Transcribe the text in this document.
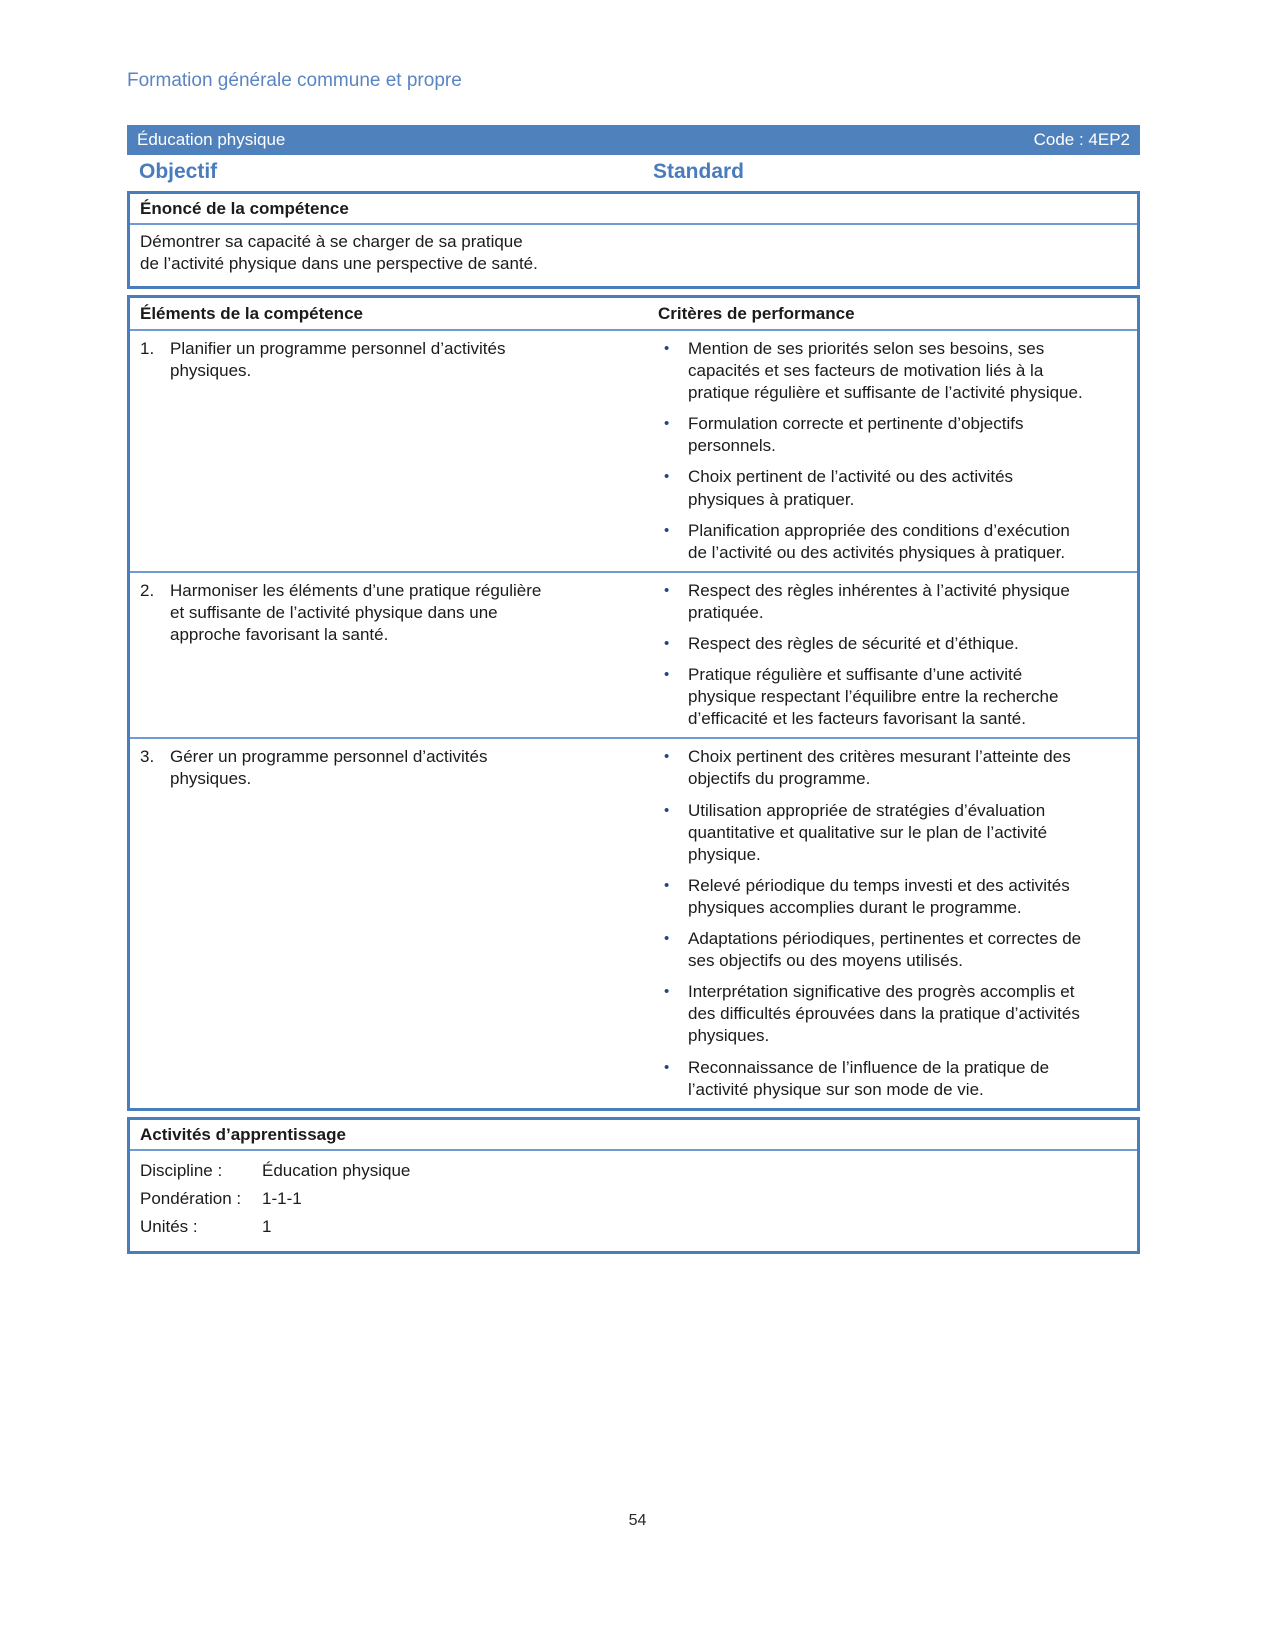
Formation générale commune et propre
Éducation physique	Code : 4EP2
Objectif	Standard
Énoncé de la compétence
Démontrer sa capacité à se charger de sa pratique de l’activité physique dans une perspective de santé.
Éléments de la compétence	Critères de performance
1. Planifier un programme personnel d’activités physiques.
•	Mention de ses priorités selon ses besoins, ses capacités et ses facteurs de motivation liés à la pratique régulière et suffisante de l’activité physique.
•	Formulation correcte et pertinente d’objectifs personnels.
•	Choix pertinent de l’activité ou des activités physiques à pratiquer.
•	Planification appropriée des conditions d’exécution de l’activité ou des activités physiques à pratiquer.
2. Harmoniser les éléments d’une pratique régulière et suffisante de l’activité physique dans une approche favorisant la santé.
•	Respect des règles inhérentes à l’activité physique pratiquée.
•	Respect des règles de sécurité et d’éthique.
•	Pratique régulière et suffisante d’une activité physique respectant l’équilibre entre la recherche d’efficacité et les facteurs favorisant la santé.
3. Gérer un programme personnel d’activités physiques.
•	Choix pertinent des critères mesurant l’atteinte des objectifs du programme.
•	Utilisation appropriée de stratégies d’évaluation quantitative et qualitative sur le plan de l’activité physique.
•	Relevé périodique du temps investi et des activités physiques accomplies durant le programme.
•	Adaptations périodiques, pertinentes et correctes de ses objectifs ou des moyens utilisés.
•	Interprétation significative des progrès accomplis et des difficultés éprouvées dans la pratique d’activités physiques.
•	Reconnaissance de l’influence de la pratique de l’activité physique sur son mode de vie.
Activités d’apprentissage
Discipline :	Éducation physique
Pondération :	1-1-1
Unités :	1
54
